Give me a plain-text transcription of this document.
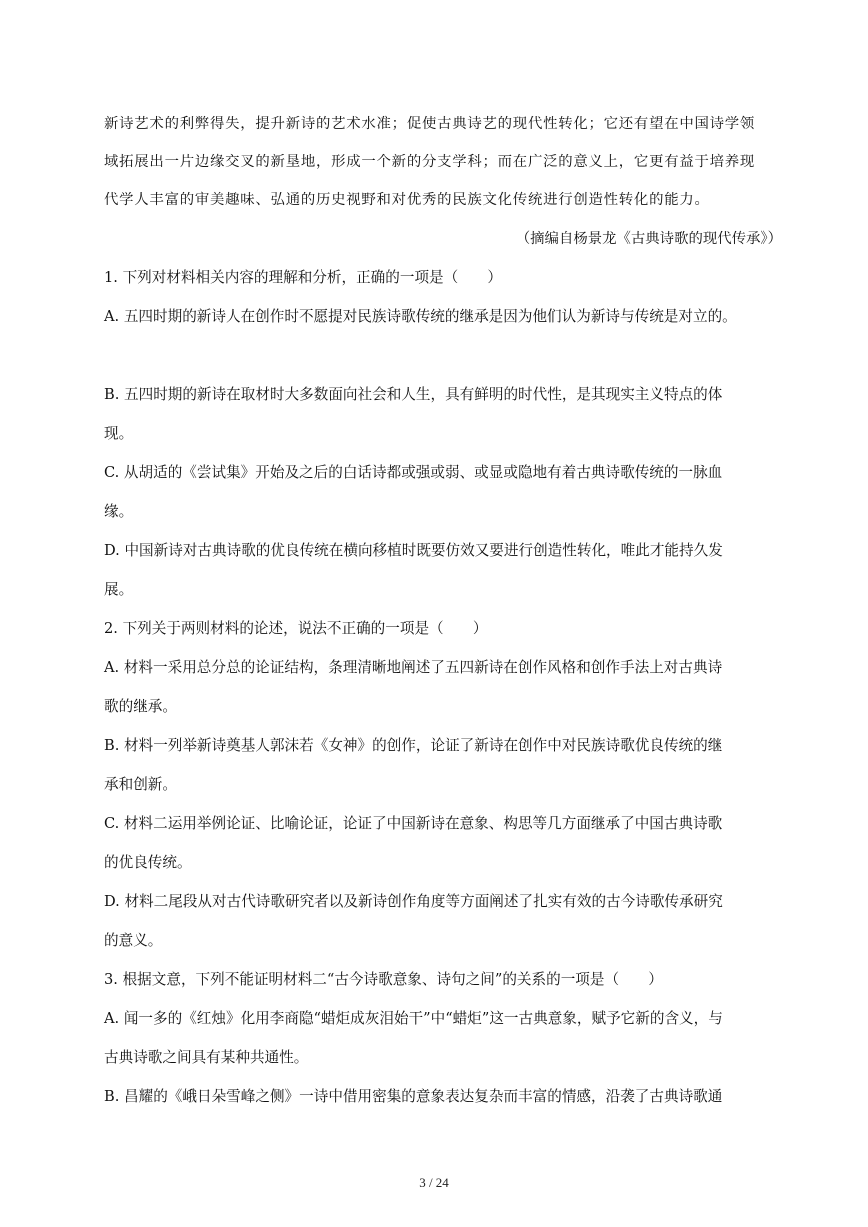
新诗艺术的利弊得失，提升新诗的艺术水准；促使古典诗艺的现代性转化；它还有望在中国诗学领
域拓展出一片边缘交叉的新垦地，形成一个新的分支学科；而在广泛的意义上，它更有益于培养现
代学人丰富的审美趣味、弘通的历史视野和对优秀的民族文化传统进行创造性转化的能力。
（摘编自杨景龙《古典诗歌的现代传承》）
1. 下列对材料相关内容的理解和分析，正确的一项是（　　）
A. 五四时期的新诗人在创作时不愿提对民族诗歌传统的继承是因为他们认为新诗与传统是对立的。
B. 五四时期的新诗在取材时大多数面向社会和人生，具有鲜明的时代性，是其现实主义特点的体
现。
C. 从胡适的《尝试集》开始及之后的白话诗都或强或弱、或显或隐地有着古典诗歌传统的一脉血
缘。
D. 中国新诗对古典诗歌的优良传统在横向移植时既要仿效又要进行创造性转化，唯此才能持久发
展。
2. 下列关于两则材料的论述，说法不正确的一项是（　　）
A. 材料一采用总分总的论证结构，条理清晰地阐述了五四新诗在创作风格和创作手法上对古典诗
歌的继承。
B. 材料一列举新诗奠基人郭沫若《女神》的创作，论证了新诗在创作中对民族诗歌优良传统的继
承和创新。
C. 材料二运用举例论证、比喻论证，论证了中国新诗在意象、构思等几方面继承了中国古典诗歌
的优良传统。
D. 材料二尾段从对古代诗歌研究者以及新诗创作角度等方面阐述了扎实有效的古今诗歌传承研究
的意义。
3. 根据文意，下列不能证明材料二“古今诗歌意象、诗句之间”的关系的一项是（　　）
A. 闻一多的《红烛》化用李商隐“蜡炬成灰泪始干”中“蜡炬”这一古典意象，赋予它新的含义，与
古典诗歌之间具有某种共通性。
B. 昌耀的《峨日朵雪峰之侧》一诗中借用密集的意象表达复杂而丰富的情感，沿袭了古典诗歌通
3 / 24
